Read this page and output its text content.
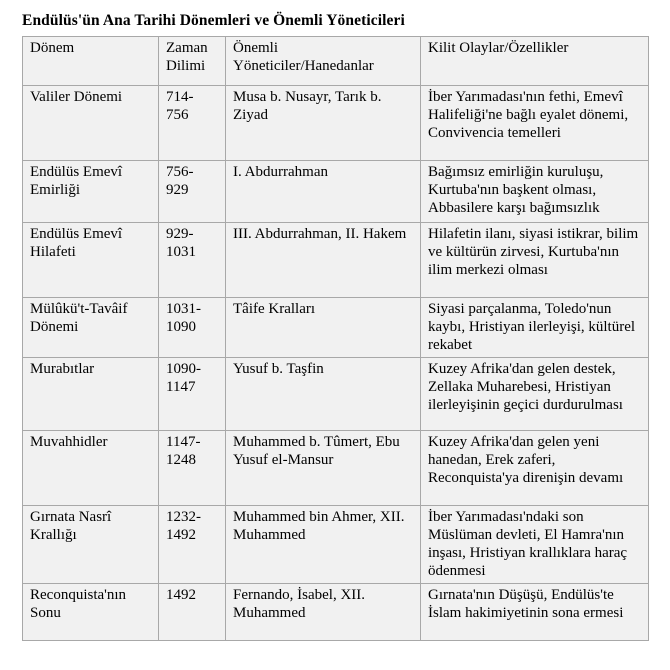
Endülüs'ün Ana Tarihi Dönemleri ve Önemli Yöneticileri
Dönem	Zaman Dilimi	Önemli Yöneticiler/Hanedanlar	Kilit Olaylar/Özellikler
Valiler Dönemi	714-756	Musa b. Nusayr, Tarık b. Ziyad	İber Yarımadası'nın fethi, Emevî Halifeliği'ne bağlı eyalet dönemi, Convivencia temelleri
Endülüs Emevî Emirliği	756-929	I. Abdurrahman	Bağımsız emirliğin kuruluşu, Kurtuba'nın başkent olması, Abbasilere karşı bağımsızlık
Endülüs Emevî Hilafeti	929-1031	III. Abdurrahman, II. Hakem	Hilafetin ilanı, siyasi istikrar, bilim ve kültürün zirvesi, Kurtuba'nın ilim merkezi olması
Mülûkü't-Tavâif Dönemi	1031-1090	Tâife Kralları	Siyasi parçalanma, Toledo'nun kaybı, Hristiyan ilerleyişi, kültürel rekabet
Murabıtlar	1090-1147	Yusuf b. Taşfin	Kuzey Afrika'dan gelen destek, Zellaka Muharebesi, Hristiyan ilerleyişinin geçici durdurulması
Muvahhidler	1147-1248	Muhammed b. Tûmert, Ebu Yusuf el-Mansur	Kuzey Afrika'dan gelen yeni hanedan, Erek zaferi, Reconquista'ya direnişin devamı
Gırnata Nasrî Krallığı	1232-1492	Muhammed bin Ahmer, XII. Muhammed	İber Yarımadası'ndaki son Müslüman devleti, El Hamra'nın inşası, Hristiyan krallıklara haraç ödenmesi
Reconquista'nın Sonu	1492	Fernando, İsabel, XII. Muhammed	Gırnata'nın Düşüşü, Endülüs'te İslam hakimiyetinin sona ermesi
